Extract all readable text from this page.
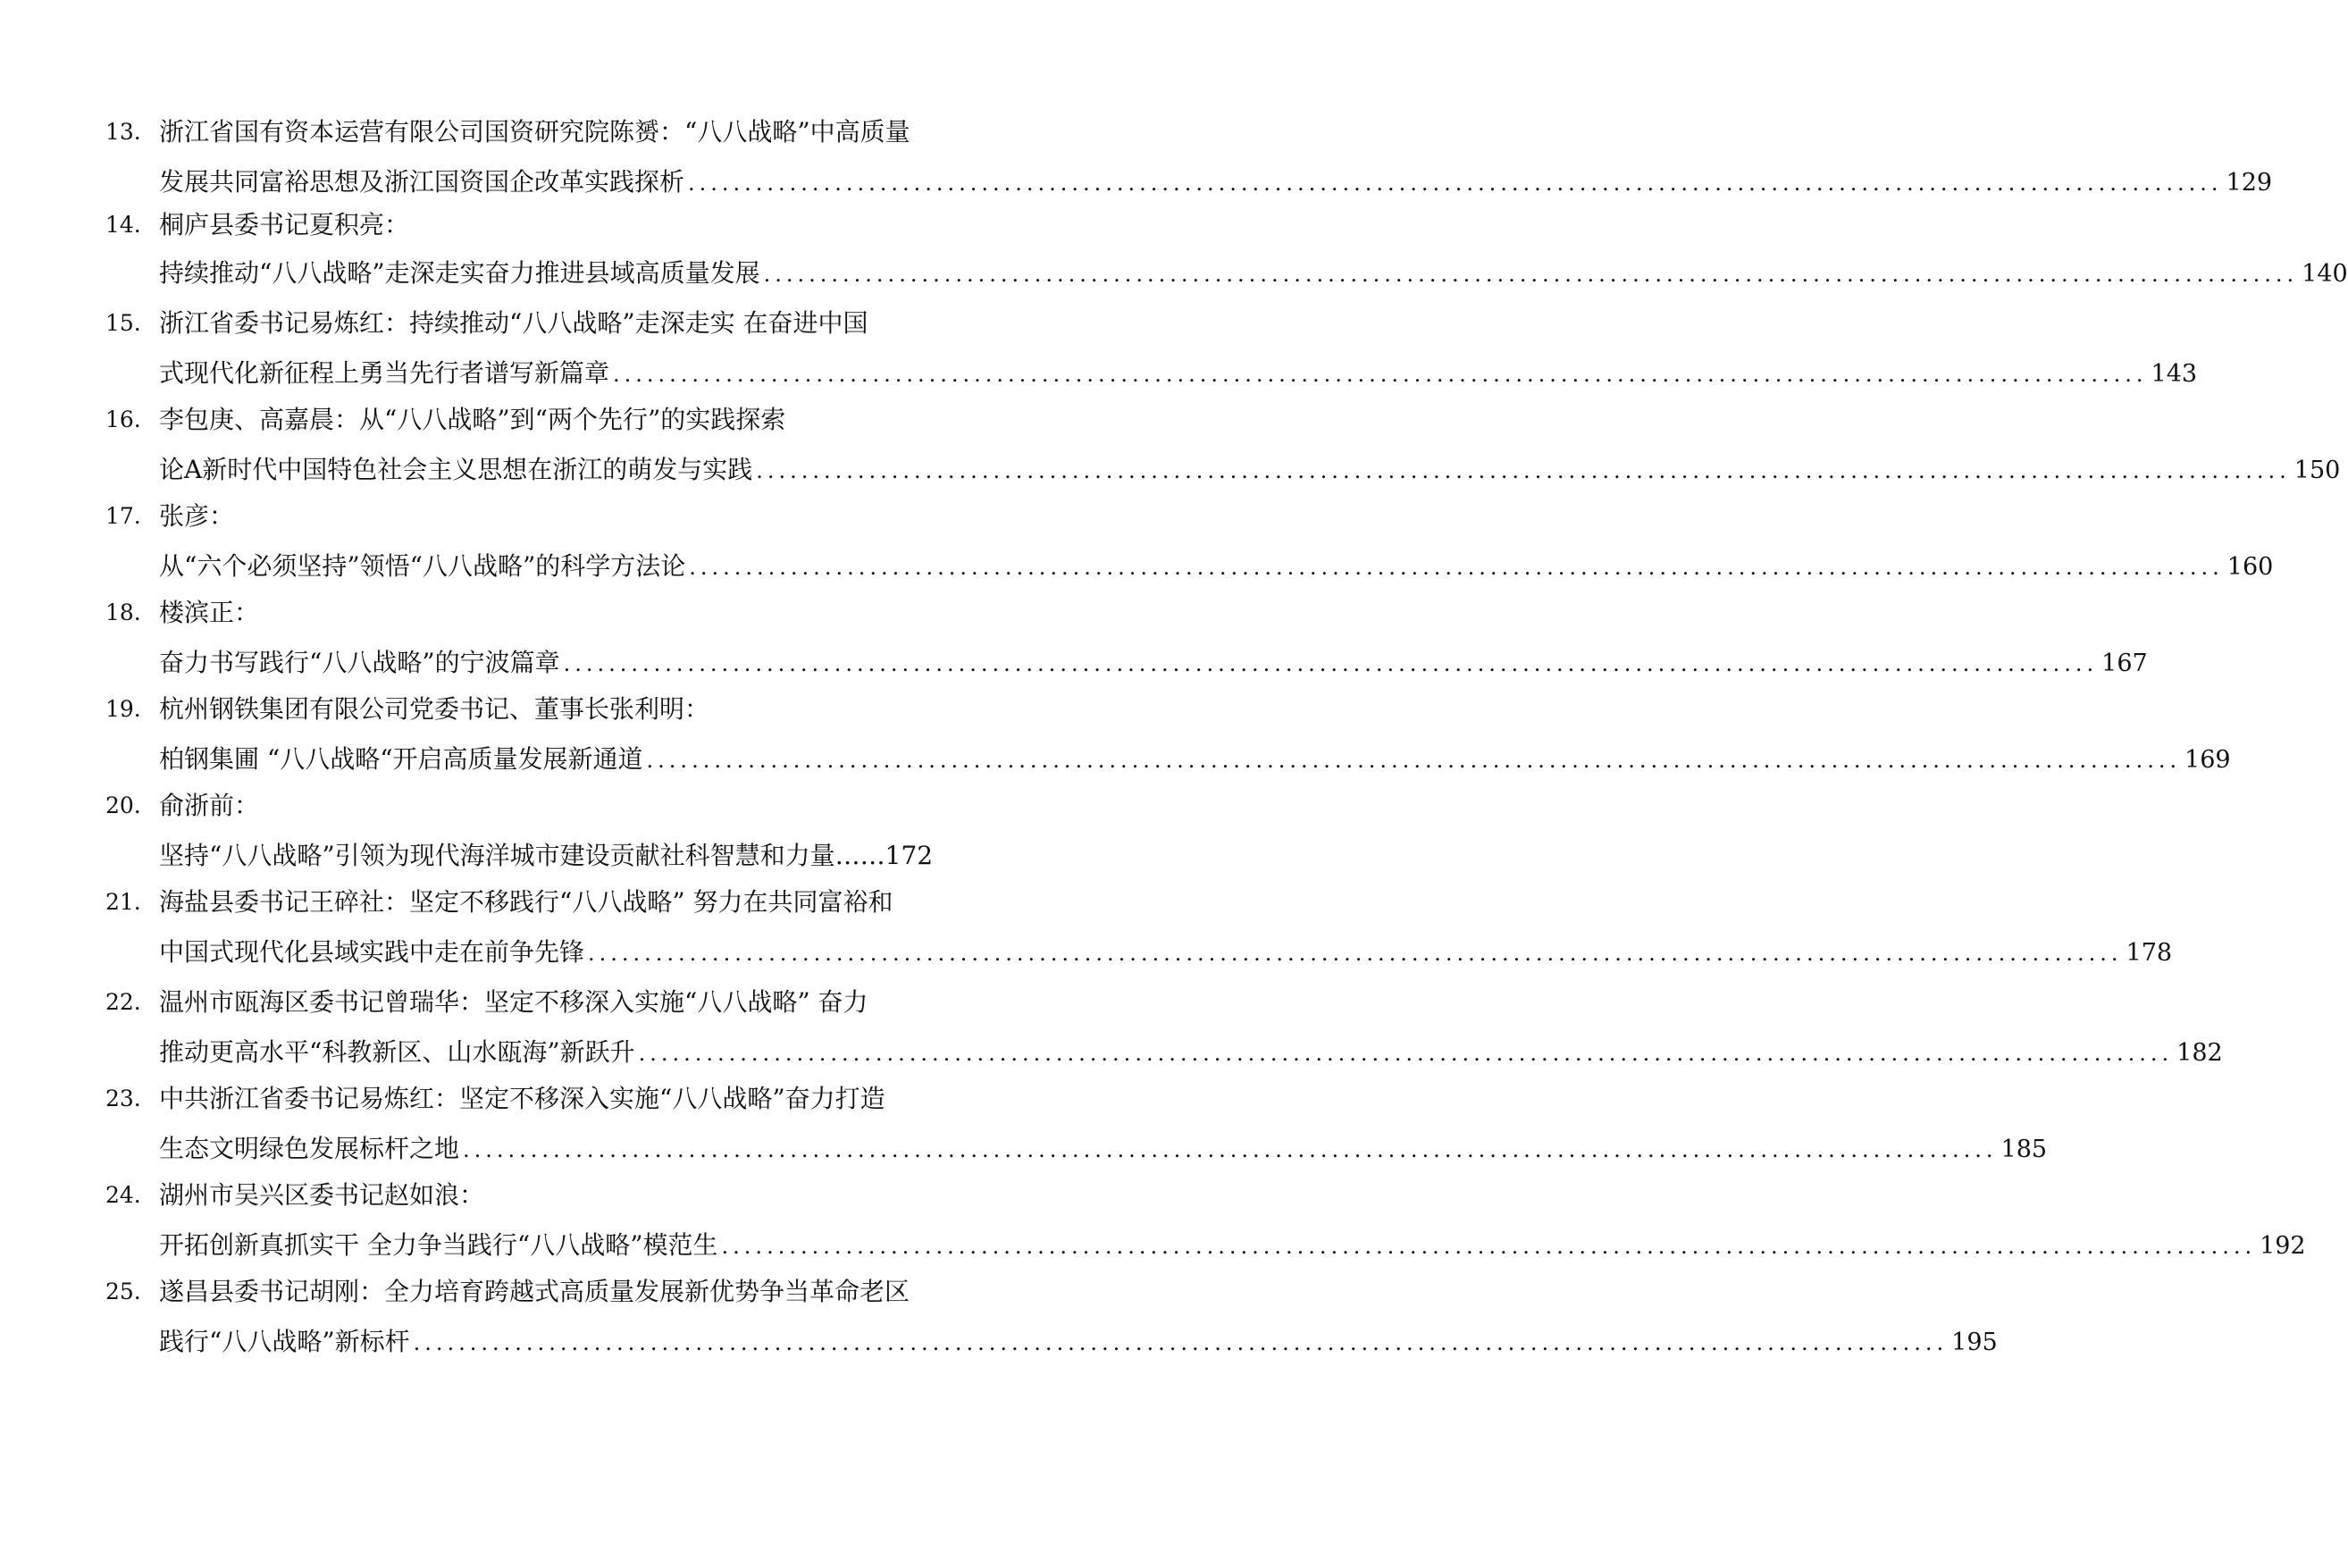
13. 浙江省国有资本运营有限公司国资研究院陈赟：“八八战略”中高质量
发展共同富裕思想及浙江国资国企改革实践探析 ........................................................................................................................................ 129
14. 桐庐县委书记夏积亮：
持续推动“八八战略”走深走实奋力推进县域高质量发展 ........................................................................................................................................ 140
15. 浙江省委书记易炼红：持续推动“八八战略”走深走实 在奋进中国
式现代化新征程上勇当先行者谱写新篇章 ........................................................................................................................................ 143
16. 李包庚、高嘉晨：从“八八战略”到“两个先行”的实践探索
论A新时代中国特色社会主义思想在浙江的萌发与实践 ........................................................................................................................................ 150
17. 张彦：
从“六个必须坚持”领悟“八八战略”的科学方法论 ........................................................................................................................................ 160
18. 楼滨正：
奋力书写践行“八八战略”的宁波篇章 ........................................................................................................................................ 167
19. 杭州钢铁集团有限公司党委书记、董事长张利明：
柏钢集圃 “八八战略“开启高质量发展新通道 ........................................................................................................................................ 169
20. 俞浙前：
坚持“八八战略”引领为现代海洋城市建设贡献社科智慧和力量……172
21. 海盐县委书记王碎社：坚定不移践行“八八战略” 努力在共同富裕和
中国式现代化县域实践中走在前争先锋 ........................................................................................................................................ 178
22. 温州市瓯海区委书记曾瑞华：坚定不移深入实施“八八战略” 奋力
推动更高水平“科教新区、山水瓯海”新跃升 ........................................................................................................................................ 182
23. 中共浙江省委书记易炼红：坚定不移深入实施“八八战略”奋力打造
生态文明绿色发展标杆之地 ........................................................................................................................................ 185
24. 湖州市吴兴区委书记赵如浪：
开拓创新真抓实干 全力争当践行“八八战略”模范生 ........................................................................................................................................ 192
25. 遂昌县委书记胡刚：全力培育跨越式高质量发展新优势争当革命老区
践行“八八战略”新标杆 ........................................................................................................................................ 195
